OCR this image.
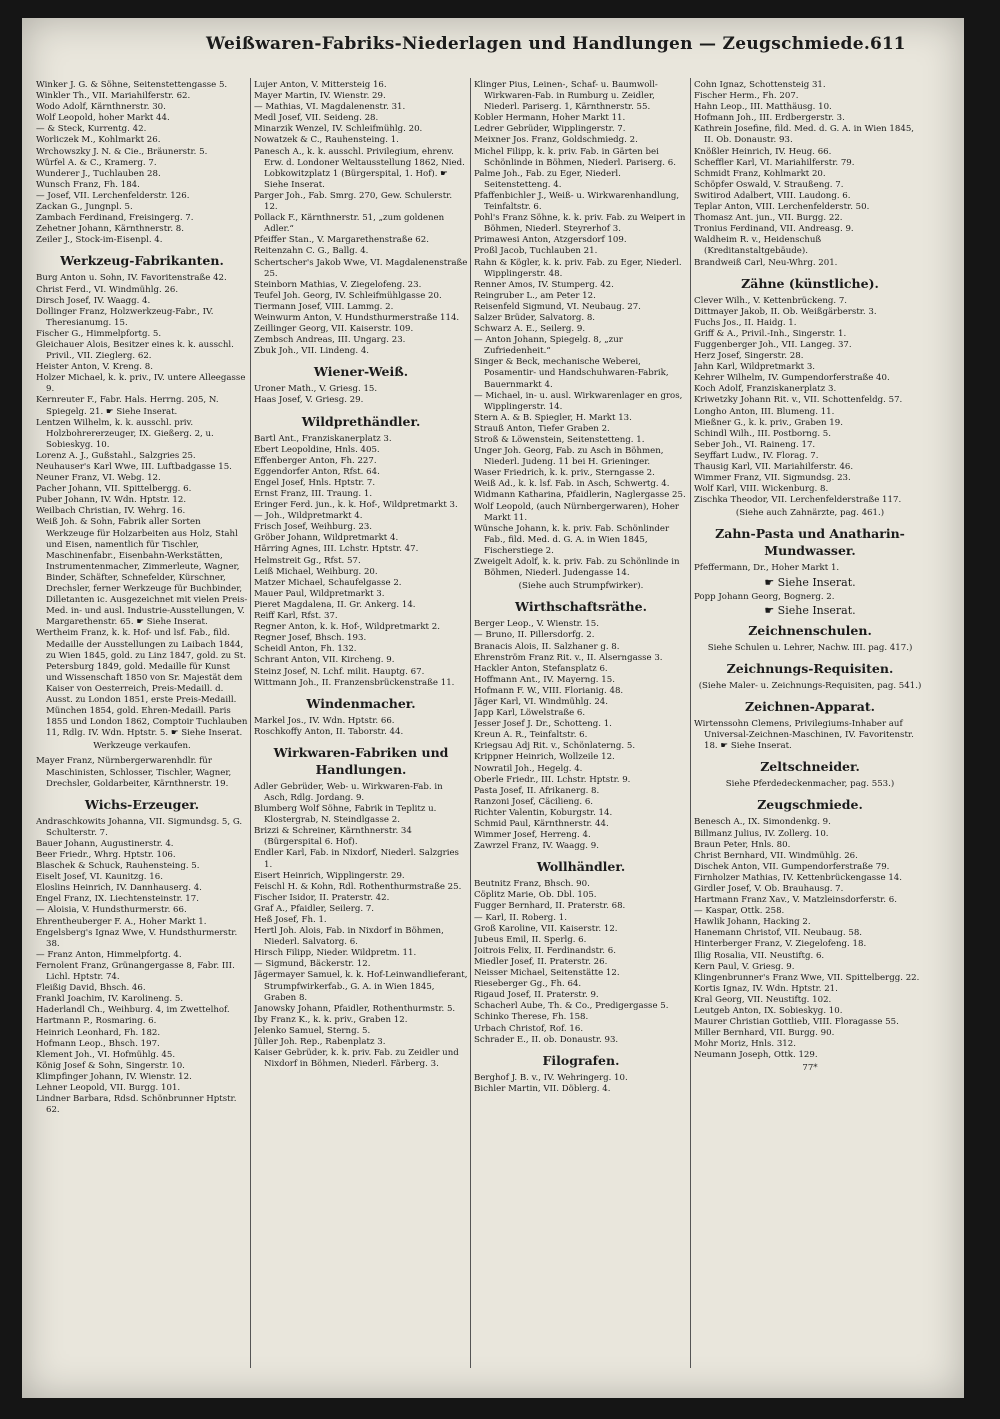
Weißwaren-Fabriks-Niederlagen und Handlungen — Zeugschmiede. 611
Winker J. G. & Söhne, Seitenstettengasse 5.
Winkler Th., VII. Mariahilferstr. 62.
Wodo Adolf, Kärnthnerstr. 30.
Wolf Leopold, hoher Markt 44.
— & Steck, Kurrentg. 42.
Worliczek M., Kohlmarkt 26.
Wrchowszky J. N. & Cie., Bräunerstr. 5.
Würfel A. & C., Kramerg. 7.
Wunderer J., Tuchlauben 28.
Wunsch Franz, Fh. 184.
— Josef, VII. Lerchenfelderstr. 126.
Zackan G., Jungnpl. 5.
Zambach Ferdinand, Freisingerg. 7.
Zehetner Johann, Kärnthnerstr. 8.
Zeiler J., Stock-im-Eisenpl. 4.
Werkzeug-Fabrikanten.
Burg Anton u. Sohn, IV. Favoritenstraße 42.
Christ Ferd., VI. Windmühlg. 26.
Dirsch Josef, IV. Waagg. 4.
Dollinger Franz, Holzwerkzeug-Fabr., IV. Theresianumg. 15.
Fischer G., Himmelpfortg. 5.
Gleichauer Alois, Besitzer eines k. k. ausschl. Privil., VII. Zieglerg. 62.
Heister Anton, V. Kreng. 8.
Holzer Michael, k. k. priv., IV. untere Alleegasse 9.
Kernreuter F., Fabr. Hals. Herrng. 205, N. Spiegelg. 21. ☛ Siehe Inserat.
Lentzen Wilhelm, k. k. ausschl. priv. Holzbohrererzeuger, IX. Gießerg. 2, u. Sobieskyg. 10.
Lorenz A. J., Gußstahl., Salzgries 25.
Neuhauser's Karl Wwe, III. Luftbadgasse 15.
Neuner Franz, VI. Webg. 12.
Pacher Johann, VII. Spittelbergg. 6.
Puber Johann, IV. Wdn. Hptstr. 12.
Weilbach Christian, IV. Wehrg. 16.
Weiß Joh. & Sohn, Fabrik aller Sorten Werkzeuge für Holzarbeiten aus Holz, Stahl und Eisen, namentlich für Tischler, Maschinenfabr., Eisenbahn-Werkstätten, Instrumentenmacher, Zimmerleute, Wagner, Binder, Schäfter, Schnefelder, Kürschner, Drechsler, ferner Werkzeuge für Buchbinder, Dilletanten ic. Ausgezeichnet mit vielen Preis-Med. in- und ausl. Industrie-Ausstellungen, V. Margarethenstr. 65. ☛ Siehe Inserat.
Wertheim Franz, k. k. Hof- und lsf. Fab., fild. Medaille der Ausstellungen zu Laibach 1844, zu Wien 1845, gold. zu Linz 1847, gold. zu St. Petersburg 1849, gold. Medaille für Kunst und Wissenschaft 1850 von Sr. Majestät dem Kaiser von Oesterreich, Preis-Medaill. d. Ausst. zu London 1851, erste Preis-Medaill. München 1854, gold. Ehren-Medaill. Paris 1855 und London 1862, Comptoir Tuchlauben 11, Rdlg. IV. Wdn. Hptstr. 5. ☛ Siehe Inserat.
Werkzeuge verkaufen.
Mayer Franz, Nürnbergerwarenhdlr. für Maschinisten, Schlosser, Tischler, Wagner, Drechsler, Goldarbeiter, Kärnthnerstr. 19.
Wichs-Erzeuger.
Andraschkowits Johanna, VII. Sigmundsg. 5, G. Schulterstr. 7.
Bauer Johann, Augustinerstr. 4.
Beer Friedr., Whrg. Hptstr. 106.
Blaschek & Schuck, Rauhensteing. 5.
Eiselt Josef, VI. Kaunitzg. 16.
Eloslins Heinrich, IV. Dannhauserg. 4.
Engel Franz, IX. Liechtensteinstr. 17.
— Aloisia, V. Hundsthurmerstr. 66.
Ehrentheuberger F. A., Hoher Markt 1.
Engelsberg's Ignaz Wwe, V. Hundsthurmerstr. 38.
— Franz Anton, Himmelpfortg. 4.
Fernolent Franz, Grünangergasse 8, Fabr. III. Lichl. Hptstr. 74.
Fleißig David, Bhsch. 46.
Frankl Joachim, IV. Karolineng. 5.
Haderlandl Ch., Weihburg. 4, im Zwettelhof.
Hartmann P., Rosmaring. 6.
Heinrich Leonhard, Fh. 182.
Hofmann Leop., Bhsch. 197.
Klement Joh., VI. Hofmühlg. 45.
König Josef & Sohn, Singerstr. 10.
Klimpfinger Johann, IV. Wienstr. 12.
Lehner Leopold, VII. Burgg. 101.
Lindner Barbara, Rdsd. Schönbrunner Hptstr. 62.
Lujer Anton, V. Mittersteig 16.
Mayer Martin, IV. Wienstr. 29.
— Mathias, VI. Magdalenenstr. 31.
Medl Josef, VII. Seideng. 28.
Minarzik Wenzel, IV. Schleifmühlg. 20.
Nowatzek & C., Rauhensteing. 1.
Panesch A., k. k. ausschl. Privilegium, ehrenv. Erw. d. Londoner Weltausstellung 1862, Nied. Lobkowitzplatz 1 (Bürgerspital, 1. Hof). ☛ Siehe Inserat.
Parger Joh., Fab. Smrg. 270, Gew. Schulerstr. 12.
Pollack F., Kärnthnerstr. 51, „zum goldenen Adler.“
Pfeiffer Stan., V. Margarethenstraße 62.
Reitenzahn C. G., Ballg. 4.
Schertscher's Jakob Wwe, VI. Magdalenenstraße 25.
Steinborn Mathias, V. Ziegelofeng. 23.
Teufel Joh. Georg, IV. Schleifmühlgasse 20.
Tiermann Josef, VIII. Lammg. 2.
Weinwurm Anton, V. Hundsthurmerstraße 114.
Zeillinger Georg, VII. Kaiserstr. 109.
Zembsch Andreas, III. Ungarg. 23.
Zbuk Joh., VII. Lindeng. 4.
Wiener-Weiß.
Uroner Math., V. Griesg. 15.
Haas Josef, V. Griesg. 29.
Wildprethändler.
Bartl Ant., Franziskanerplatz 3.
Ebert Leopoldine, Hnls. 405.
Effenberger Anton, Fh. 227.
Eggendorfer Anton, Rfst. 64.
Engel Josef, Hnls. Hptstr. 7.
Ernst Franz, III. Traung. 1.
Eringer Ferd. jun., k. k. Hof-, Wildpretmarkt 3.
— Joh., Wildpretmarkt 4.
Frisch Josef, Weihburg. 23.
Gröber Johann, Wildpretmarkt 4.
Härring Agnes, III. Lchstr. Hptstr. 47.
Helmstreit Gg., Rfst. 57.
Leiß Michael, Weihburg. 20.
Matzer Michael, Schaufelgasse 2.
Mauer Paul, Wildpretmarkt 3.
Pieret Magdalena, II. Gr. Ankerg. 14.
Reiff Karl, Rfst. 37.
Regner Anton, k. k. Hof-, Wildpretmarkt 2.
Regner Josef, Bhsch. 193.
Scheidl Anton, Fh. 132.
Schrant Anton, VII. Kircheng. 9.
Steinz Josef, N. Lchf. milit. Hauptg. 67.
Wittmann Joh., II. Franzensbrückenstraße 11.
Windenmacher.
Markel Jos., IV. Wdn. Hptstr. 66.
Roschkoffy Anton, II. Taborstr. 44.
Wirkwaren-Fabriken und Handlungen.
Adler Gebrüder, Web- u. Wirkwaren-Fab. in Asch, Rdlg. Jordang. 9.
Blumberg Wolf Söhne, Fabrik in Teplitz u. Klostergrab, N. Steindlgasse 2.
Brizzi & Schreiner, Kärnthnerstr. 34 (Bürgerspital 6. Hof).
Endler Karl, Fab. in Nixdorf, Niederl. Salzgries 1.
Eisert Heinrich, Wipplingerstr. 29.
Feischl H. & Kohn, Rdl. Rothenthurmstraße 25.
Fischer Isidor, II. Praterstr. 42.
Graf A., Pfaidler, Seilerg. 7.
Heß Josef, Fh. 1.
Hertl Joh. Alois, Fab. in Nixdorf in Böhmen, Niederl. Salvatorg. 6.
Hirsch Filipp, Nieder. Wildpretm. 11.
— Sigmund, Bäckerstr. 12.
Jägermayer Samuel, k. k. Hof-Leinwandlieferant, Strumpfwirkerfab., G. A. in Wien 1845, Graben 8.
Janowsky Johann, Pfaidler, Rothenthurmstr. 5.
Iby Franz K., k. k. priv., Graben 12.
Jelenko Samuel, Sterng. 5.
Jüller Joh. Rep., Rabenplatz 3.
Kaiser Gebrüder, k. k. priv. Fab. zu Zeidler und Nixdorf in Böhmen, Niederl. Färberg. 3.
Klinger Pius, Leinen-, Schaf- u. Baumwoll-Wirkwaren-Fab. in Rumburg u. Zeidler, Niederl. Pariserg. 1, Kärnthnerstr. 55.
Kobler Hermann, Hoher Markt 11.
Ledrer Gebrüder, Wipplingerstr. 7.
Meixner Jos. Franz, Goldschmiedg. 2.
Michel Filipp, k. k. priv. Fab. in Gärten bei Schönlinde in Böhmen, Niederl. Pariserg. 6.
Palme Joh., Fab. zu Eger, Niederl. Seitenstetteng. 4.
Pfaffenbichler J., Weiß- u. Wirkwarenhandlung, Teinfaltstr. 6.
Pohl's Franz Söhne, k. k. priv. Fab. zu Weipert in Böhmen, Niederl. Steyrerhof 3.
Primawesi Anton, Atzgersdorf 109.
Proßl Jacob, Tuchlauben 21.
Rahn & Kögler, k. k. priv. Fab. zu Eger, Niederl. Wipplingerstr. 48.
Renner Amos, IV. Stumperg. 42.
Reingruber L., am Peter 12.
Reisenfeld Sigmund, VI. Neubaug. 27.
Salzer Brüder, Salvatorg. 8.
Schwarz A. E., Seilerg. 9.
— Anton Johann, Spiegelg. 8, „zur Zufriedenheit.“
Singer & Beck, mechanische Weberei, Posamentir- und Handschuhwaren-Fabrik, Bauernmarkt 4.
— Michael, in- u. ausl. Wirkwarenlager en gros, Wipplingerstr. 14.
Stern A. & B. Spiegler, H. Markt 13.
Strauß Anton, Tiefer Graben 2.
Stroß & Löwenstein, Seitenstetteng. 1.
Unger Joh. Georg, Fab. zu Asch in Böhmen, Niederl. Judeng. 11 bei H. Grieninger.
Waser Friedrich, k. k. priv., Sterngasse 2.
Weiß Ad., k. k. lsf. Fab. in Asch, Schwertg. 4.
Widmann Katharina, Pfaidlerin, Naglergasse 25.
Wolf Leopold, (auch Nürnbergerwaren), Hoher Markt 11.
Wünsche Johann, k. k. priv. Fab. Schönlinder Fab., fild. Med. d. G. A. in Wien 1845, Fischerstiege 2.
Zweigelt Adolf, k. k. priv. Fab. zu Schönlinde in Böhmen, Niederl. Judengasse 14.
(Siehe auch Strumpfwirker).
Wirthschaftsräthe.
Berger Leop., V. Wienstr. 15.
— Bruno, II. Pillersdorfg. 2.
Branacis Alois, II. Salzhaner g. 8.
Ehrenström Franz Rit. v., II. Alserngasse 3.
Hackler Anton, Stefansplatz 6.
Hoffmann Ant., IV. Mayerng. 15.
Hofmann F. W., VIII. Florianig. 48.
Jäger Karl, VI. Windmühlg. 24.
Japp Karl, Löwelstraße 6.
Jesser Josef J. Dr., Schotteng. 1.
Kreun A. R., Teinfaltstr. 6.
Kriegsau Adj Rit. v., Schönlaterng. 5.
Krippner Heinrich, Wollzeile 12.
Nowratil Joh., Hegelg. 4.
Oberle Friedr., III. Lchstr. Hptstr. 9.
Pasta Josef, II. Afrikanerg. 8.
Ranzoni Josef, Cäcilieng. 6.
Richter Valentin, Koburgstr. 14.
Schmid Paul, Kärnthnerstr. 44.
Wimmer Josef, Herreng. 4.
Zawrzel Franz, IV. Waagg. 9.
Wollhändler.
Beutnitz Franz, Bhsch. 90.
Cöplitz Marie, Ob. Dbl. 105.
Fugger Bernhard, II. Praterstr. 68.
— Karl, II. Roberg. 1.
Groß Karoline, VII. Kaiserstr. 12.
Jubeus Emil, II. Sperlg. 6.
Joitrois Felix, II. Ferdinandstr. 6.
Miedler Josef, II. Praterstr. 26.
Neisser Michael, Seitenstätte 12.
Rieseberger Gg., Fh. 64.
Rigaud Josef, II. Praterstr. 9.
Schacherl Aube, Th. & Co., Predigergasse 5.
Schinko Therese, Fh. 158.
Urbach Christof, Rof. 16.
Schrader E., II. ob. Donaustr. 93.
Filografen.
Berghof J. B. v., IV. Wehringerg. 10.
Bichler Martin, VII. Döblerg. 4.
Cohn Ignaz, Schottensteig 31.
Fischer Herm., Fh. 207.
Hahn Leop., III. Matthäusg. 10.
Hofmann Joh., III. Erdbergerstr. 3.
Kathrein Josefine, fild. Med. d. G. A. in Wien 1845, II. Ob. Donaustr. 93.
Knößler Heinrich, IV. Heug. 66.
Scheffler Karl, VI. Mariahilferstr. 79.
Schmidt Franz, Kohlmarkt 20.
Schöpfer Oswald, V. Straußeng. 7.
Switirod Adalbert, VIII. Laudong. 6.
Teplar Anton, VIII. Lerchenfelderstr. 50.
Thomasz Ant. jun., VII. Burgg. 22.
Tronius Ferdinand, VII. Andreasg. 9.
Waldheim R. v., Heidenschuß (Kreditanstaltgebäude).
Brandweiß Carl, Neu-Whrg. 201.
Zähne (künstliche).
Clever Wilh., V. Kettenbrückeng. 7.
Dittmayer Jakob, II. Ob. Weißgärberstr. 3.
Fuchs Jos., II. Haidg. 1.
Griff & A., Privil.-Inh., Singerstr. 1.
Fuggenberger Joh., VII. Langeg. 37.
Herz Josef, Singerstr. 28.
Jahn Karl, Wildpretmarkt 3.
Kehrer Wilhelm, IV. Gumpendorferstraße 40.
Koch Adolf, Franziskanerplatz 3.
Kriwetzky Johann Rit. v., VII. Schottenfeldg. 57.
Longho Anton, III. Blumeng. 11.
Mießner G., k. k. priv., Graben 19.
Schindl Wilh., III. Postborng. 5.
Seber Joh., VI. Raineng. 17.
Seyffart Ludw., IV. Florag. 7.
Thausig Karl, VII. Mariahilferstr. 46.
Wimmer Franz, VII. Sigmundsg. 23.
Wolf Karl, VIII. Wickenburg. 8.
Zischka Theodor, VII. Lerchenfelderstraße 117.
(Siehe auch Zahnärzte, pag. 461.)
Zahn-Pasta und Anatharin-Mundwasser.
Pfeffermann, Dr., Hoher Markt 1.
☛ Siehe Inserat.
Popp Johann Georg, Bognerg. 2.
☛ Siehe Inserat.
Zeichnenschulen.
Siehe Schulen u. Lehrer, Nachw. III. pag. 417.)
Zeichnungs-Requisiten.
(Siehe Maler- u. Zeichnungs-Requisiten, pag. 541.)
Zeichnen-Apparat.
Wirtenssohn Clemens, Privilegiums-Inhaber auf Universal-Zeichnen-Maschinen, IV. Favoritenstr. 18. ☛ Siehe Inserat.
Zeltschneider.
Siehe Pferdedeckenmacher, pag. 553.)
Zeugschmiede.
Benesch A., IX. Simondenkg. 9.
Billmanz Julius, IV. Zollerg. 10.
Braun Peter, Hnls. 80.
Christ Bernhard, VII. Windmühlg. 26.
Dischek Anton, VII. Gumpendorferstraße 79.
Firnholzer Mathias, IV. Kettenbrückengasse 14.
Girdler Josef, V. Ob. Brauhausg. 7.
Hartmann Franz Xav., V. Matzleinsdorferstr. 6.
— Kaspar, Ottk. 258.
Hawlik Johann, Hacking 2.
Hanemann Christof, VII. Neubaug. 58.
Hinterberger Franz, V. Ziegelofeng. 18.
Illig Rosalia, VII. Neustiftg. 6.
Kern Paul, V. Griesg. 9.
Klingenbrunner's Franz Wwe, VII. Spittelbergg. 22.
Kortis Ignaz, IV. Wdn. Hptstr. 21.
Kral Georg, VII. Neustiftg. 102.
Leutgeb Anton, IX. Sobieskyg. 10.
Maurer Christian Gottlieb, VIII. Floragasse 55.
Miller Bernhard, VII. Burgg. 90.
Mohr Moriz, Hnls. 312.
Neumann Joseph, Ottk. 129.
77*
